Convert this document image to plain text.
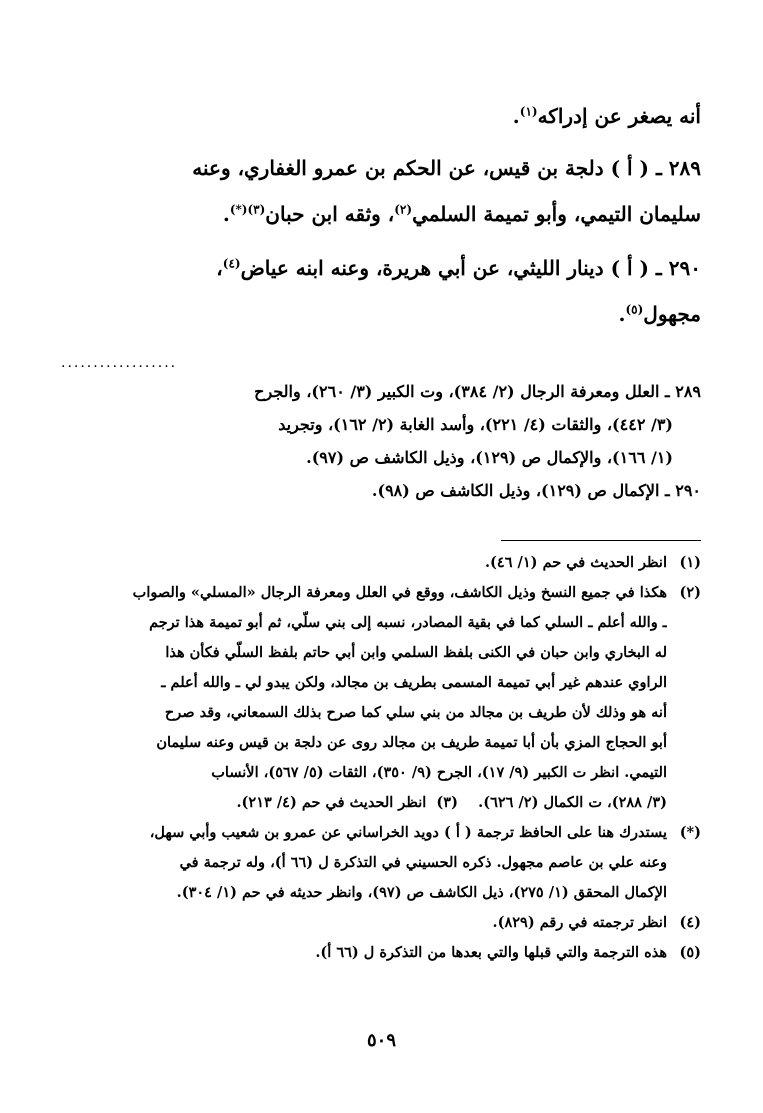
أنه يصغر عن إدراكه$^{(١)}$.
٢٨٩ ـ ( أ ) دلجة بن قيس، عن الحكم بن عمرو الغفاري، وعنه
سليمان التيمي، وأبو تميمة السلمي$^{(٢)}$، وثقه ابن حبان$^{(٣)(*)}$.
٢٩٠ ـ ( أ ) دينار الليثي، عن أبي هريرة، وعنه ابنه عياض$^{(٤)}$،
مجهول$^{(٥)}$.
..................
٢٨٩ ـ العلل ومعرفة الرجال (٢/ ٣٨٤)، وت الكبير (٣/ ٢٦٠)، والجرح
(٣/ ٤٤٢)، والثقات (٤/ ٢٢١)، وأسد الغابة (٢/ ١٦٢)، وتجريد
(١/ ١٦٦)، والإكمال ص (١٢٩)، وذيل الكاشف ص (٩٧).
٢٩٠ ـ الإكمال ص (١٢٩)، وذيل الكاشف ص (٩٨).
(١)
انظر الحديث في حم (١/ ٤٦).
(٢)
هكذا في جميع النسخ وذيل الكاشف، ووقع في العلل ومعرفة الرجال «المسلي» والصواب
ـ والله أعلم ـ السلي كما في بقية المصادر، نسبه إلى بني سلّي، ثم أبو تميمة هذا ترجم
له البخاري وابن حبان في الكنى بلفظ السلمي وابن أبي حاتم بلفظ السلّي فكأن هذا
الراوي عندهم غير أبي تميمة المسمى بطريف بن مجالد، ولكن يبدو لي ـ والله أعلم ـ
أنه هو وذلك لأن طريف بن مجالد من بني سلي كما صرح بذلك السمعاني، وقد صرح
أبو الحجاج المزي بأن أبا تميمة طريف بن مجالد روى عن دلجة بن قيس وعنه سليمان
التيمي. انظر ت الكبير (٩/ ١٧)، الجرح (٩/ ٣٥٠)، الثقات (٥/ ٥٦٧)، الأنساب
(٣/ ٢٨٨)، ت الكمال (٢/ ٦٢٦).    (٣)  انظر الحديث في حم (٤/ ٢١٣).
(*)
يستدرك هنا على الحافظ ترجمة ( أ ) دويد الخراساني عن عمرو بن شعيب وأبي سهل،
وعنه علي بن عاصم مجهول. ذكره الحسيني في التذكرة ل (٦٦ أ)، وله ترجمة في
الإكمال المحقق (١/ ٢٧٥)، ذيل الكاشف ص (٩٧)، وانظر حديثه في حم (١/ ٣٠٤).
(٤)
انظر ترجمته في رقم (٨٢٩).
(٥)
هذه الترجمة والتي قبلها والتي بعدها من التذكرة ل (٦٦ أ).
٥٠٩
